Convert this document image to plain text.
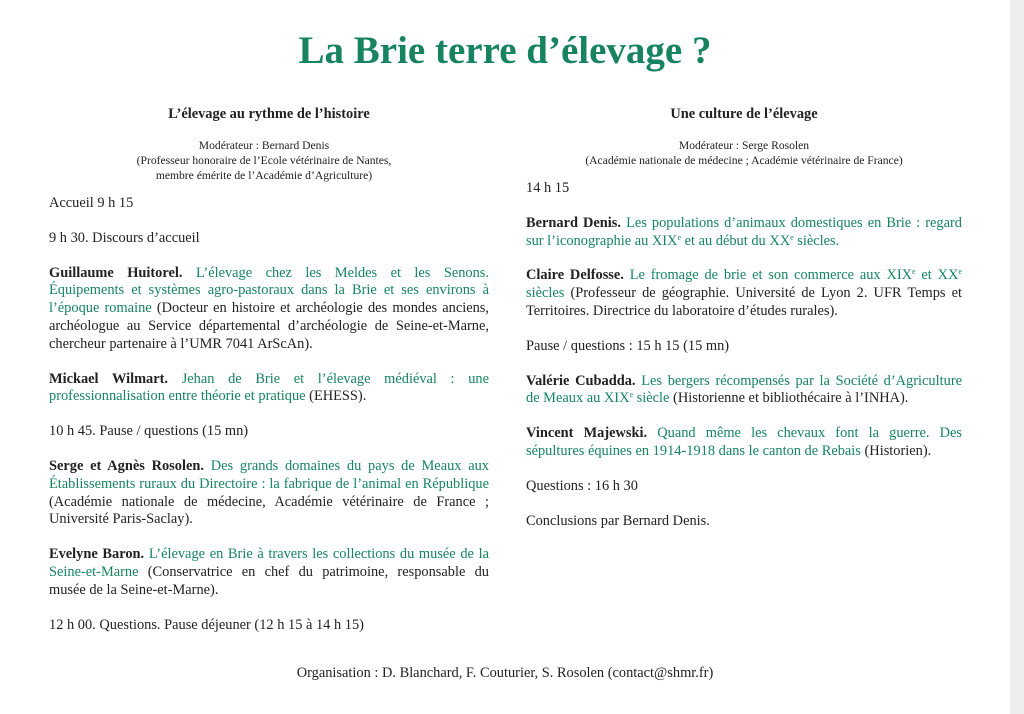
La Brie terre d’élevage ?

L’élevage au rythme de l’histoire

Modérateur : Bernard Denis
(Professeur honoraire de l’Ecole vétérinaire de Nantes,
membre émérite de l’Académie d’Agriculture)

Accueil 9 h 15

9 h 30. Discours d’accueil

Guillaume Huitorel. L’élevage chez les Meldes et les Senons. Équipements et systèmes agro-pastoraux dans la Brie et ses environs à l’époque romaine (Docteur en histoire et archéologie des mondes anciens, archéologue au Service départemental d’archéologie de Seine-et-Marne, chercheur partenaire à l’UMR 7041 ArScAn).

Mickael Wilmart. Jehan de Brie et l’élevage médiéval : une professionnalisation entre théorie et pratique (EHESS).

10 h 45. Pause / questions (15 mn)

Serge et Agnès Rosolen. Des grands domaines du pays de Meaux aux Établissements ruraux du Directoire : la fabrique de l’animal en République (Académie nationale de médecine, Académie vétérinaire de France ; Université Paris-Saclay).

Evelyne Baron. L’élevage en Brie à travers les collections du musée de la Seine-et-Marne (Conservatrice en chef du patrimoine, responsable du musée de la Seine-et-Marne).

12 h 00. Questions. Pause déjeuner (12 h 15 à 14 h 15)

Une culture de l’élevage

Modérateur : Serge Rosolen
(Académie nationale de médecine ; Académie vétérinaire de France)

14 h 15

Bernard Denis. Les populations d’animaux domestiques en Brie : regard sur l’iconographie au XIXe et au début du XXe siècles.

Claire Delfosse. Le fromage de brie et son commerce aux XIXe et XXe siècles (Professeur de géographie. Université de Lyon 2. UFR Temps et Territoires. Directrice du laboratoire d’études rurales).

Pause / questions : 15 h 15 (15 mn)

Valérie Cubadda. Les bergers récompensés par la Société d’Agriculture de Meaux au XIXe siècle (Historienne et bibliothécaire à l’INHA).

Vincent Majewski. Quand même les chevaux font la guerre. Des sépultures équines en 1914-1918 dans le canton de Rebais (Historien).

Questions : 16 h 30

Conclusions par Bernard Denis.

Organisation : D. Blanchard, F. Couturier, S. Rosolen (contact@shmr.fr)
